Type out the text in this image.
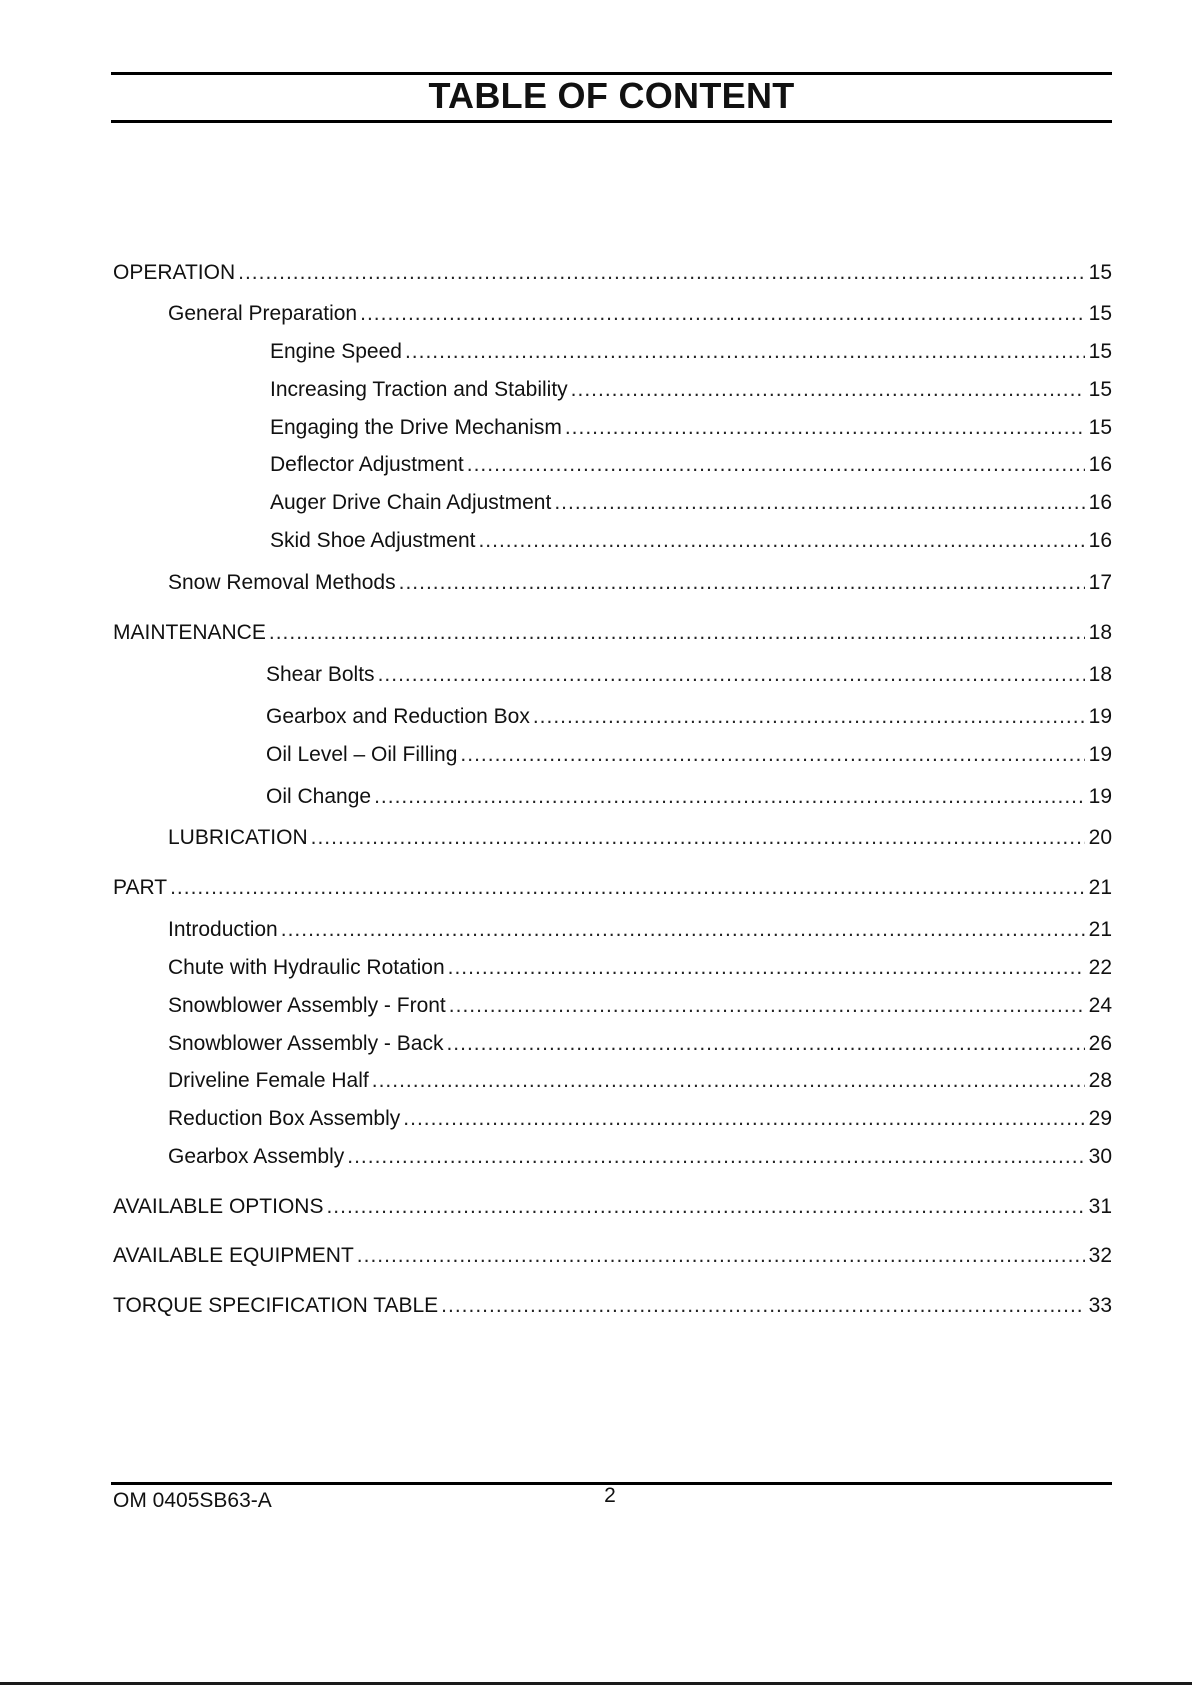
TABLE OF CONTENT
OPERATION .....	15
General Preparation .....	15
Engine Speed .....	15
Increasing Traction and Stability .....	15
Engaging the Drive Mechanism .....	15
Deflector Adjustment .....	16
Auger Drive Chain Adjustment .....	16
Skid Shoe Adjustment .....	16
Snow Removal Methods .....	17
MAINTENANCE .....	18
Shear Bolts .....	18
Gearbox and Reduction Box .....	19
Oil Level – Oil Filling .....	19
Oil Change .....	19
LUBRICATION .....	20
PART .....	21
Introduction .....	21
Chute with Hydraulic Rotation .....	22
Snowblower Assembly - Front .....	24
Snowblower Assembly - Back .....	26
Driveline Female Half .....	28
Reduction Box Assembly .....	29
Gearbox Assembly .....	30
AVAILABLE OPTIONS .....	31
AVAILABLE EQUIPMENT .....	32
TORQUE SPECIFICATION TABLE .....	33
OM 0405SB63-A	2
